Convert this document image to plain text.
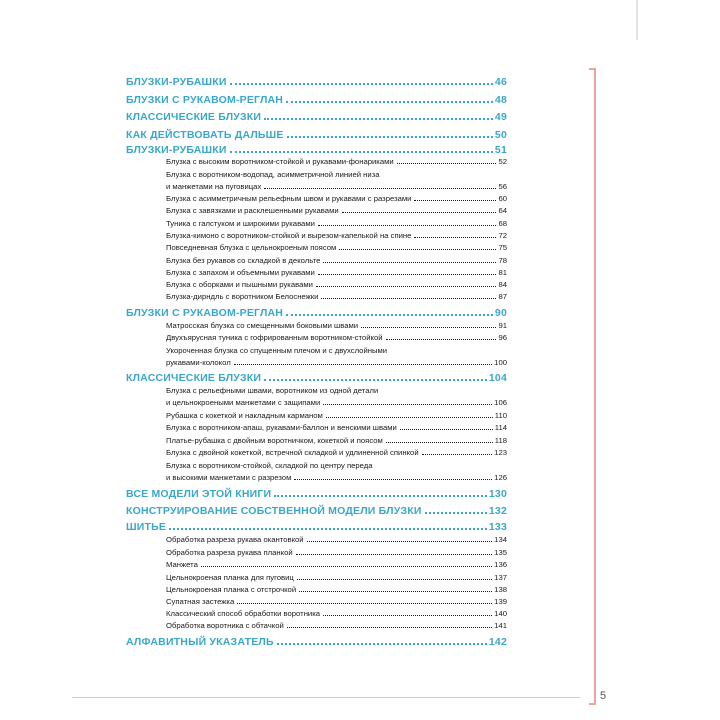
БЛУЗКИ-РУБАШКИ	46
БЛУЗКИ С РУКАВОМ-РЕГЛАН	48
КЛАССИЧЕСКИЕ БЛУЗКИ	49
КАК ДЕЙСТВОВАТЬ ДАЛЬШЕ	50
БЛУЗКИ-РУБАШКИ	51
Блузка с высоким воротником-стойкой и рукавами-фонариками	52
Блузка с воротником-водопад, асимметричной линией низа
и манжетами на пуговицах	56
Блузка с асимметричным рельефным швом и рукавами с разрезами	60
Блузка с завязками и расклешенными рукавами	64
Туника с галстуком и широкими рукавами	68
Блузка-кимоно с воротником-стойкой и вырезом-капелькой на спине	72
Повседневная блузка с цельнокроеным поясом	75
Блузка без рукавов со складкой в декольте	78
Блузка с запахом и объемными рукавами	81
Блузка с оборками и пышными рукавами	84
Блузка-дирндль с воротником Белоснежки	87
БЛУЗКИ С РУКАВОМ-РЕГЛАН	90
Матросская блузка со смещенными боковыми швами	91
Двухъярусная туника с гофрированным воротником-стойкой	96
Укороченная блузка со спущенным плечом и с двухслойными
рукавами-колокол	100
КЛАССИЧЕСКИЕ БЛУЗКИ	104
Блузка с рельефными швами, воротником из одной детали
и цельнокроеными манжетами с защипами	106
Рубашка с кокеткой и накладным карманом	110
Блузка с воротником-апаш, рукавами-баллон и венскими швами	114
Платье-рубашка с двойным воротничком, кокеткой и поясом	118
Блузка с двойной кокеткой, встречной складкой и удлиненной спинкой	123
Блузка с воротником-стойкой, складкой по центру переда
и высокими манжетами с разрезом	126
ВСЕ МОДЕЛИ ЭТОЙ КНИГИ	130
КОНСТРУИРОВАНИЕ СОБСТВЕННОЙ МОДЕЛИ БЛУЗКИ	132
ШИТЬЕ	133
Обработка разреза рукава окантовкой	134
Обработка разреза рукава планкой	135
Манжета	136
Цельнокроеная планка для пуговиц	137
Цельнокроеная планка с отстрочкой	138
Супатная застежка	139
Классический способ обработки воротника	140
Обработка воротника с обтачкой	141
АЛФАВИТНЫЙ УКАЗАТЕЛЬ	142
5
